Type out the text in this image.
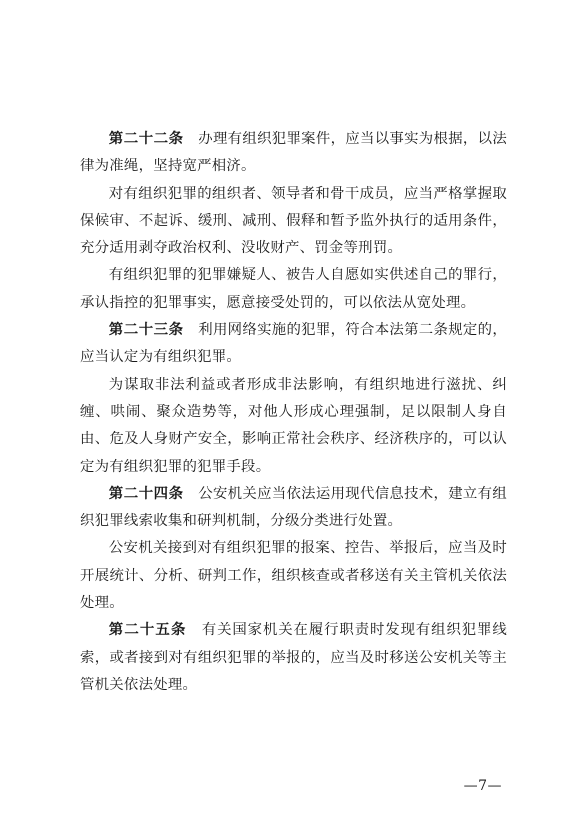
第二十二条　 办理有组织犯罪案件，应当以事实为根据，以法律为准绳，坚持宽严相济。

对有组织犯罪的组织者、领导者和骨干成员，应当严格掌握取保候审、不起诉、缓刑、减刑、假释和暂予监外执行的适用条件，充分适用剥夺政治权利、没收财产、罚金等刑罚。

有组织犯罪的犯罪嫌疑人、被告人自愿如实供述自己的罪行，承认指控的犯罪事实，愿意接受处罚的，可以依法从宽处理。

第二十三条　 利用网络实施的犯罪，符合本法第二条规定的，应当认定为有组织犯罪。

为谋取非法利益或者形成非法影响，有组织地进行滋扰、纠缠、哄闹、聚众造势等，对他人形成心理强制，足以限制人身自由、危及人身财产安全，影响正常社会秩序、经济秩序的，可以认定为有组织犯罪的犯罪手段。

第二十四条　 公安机关应当依法运用现代信息技术，建立有组织犯罪线索收集和研判机制，分级分类进行处置。

公安机关接到对有组织犯罪的报案、控告、举报后，应当及时开展统计、分析、研判工作，组织核查或者移送有关主管机关依法处理。

第二十五条　 有关国家机关在履行职责时发现有组织犯罪线索，或者接到对有组织犯罪的举报的，应当及时移送公安机关等主管机关依法处理。

—7—
